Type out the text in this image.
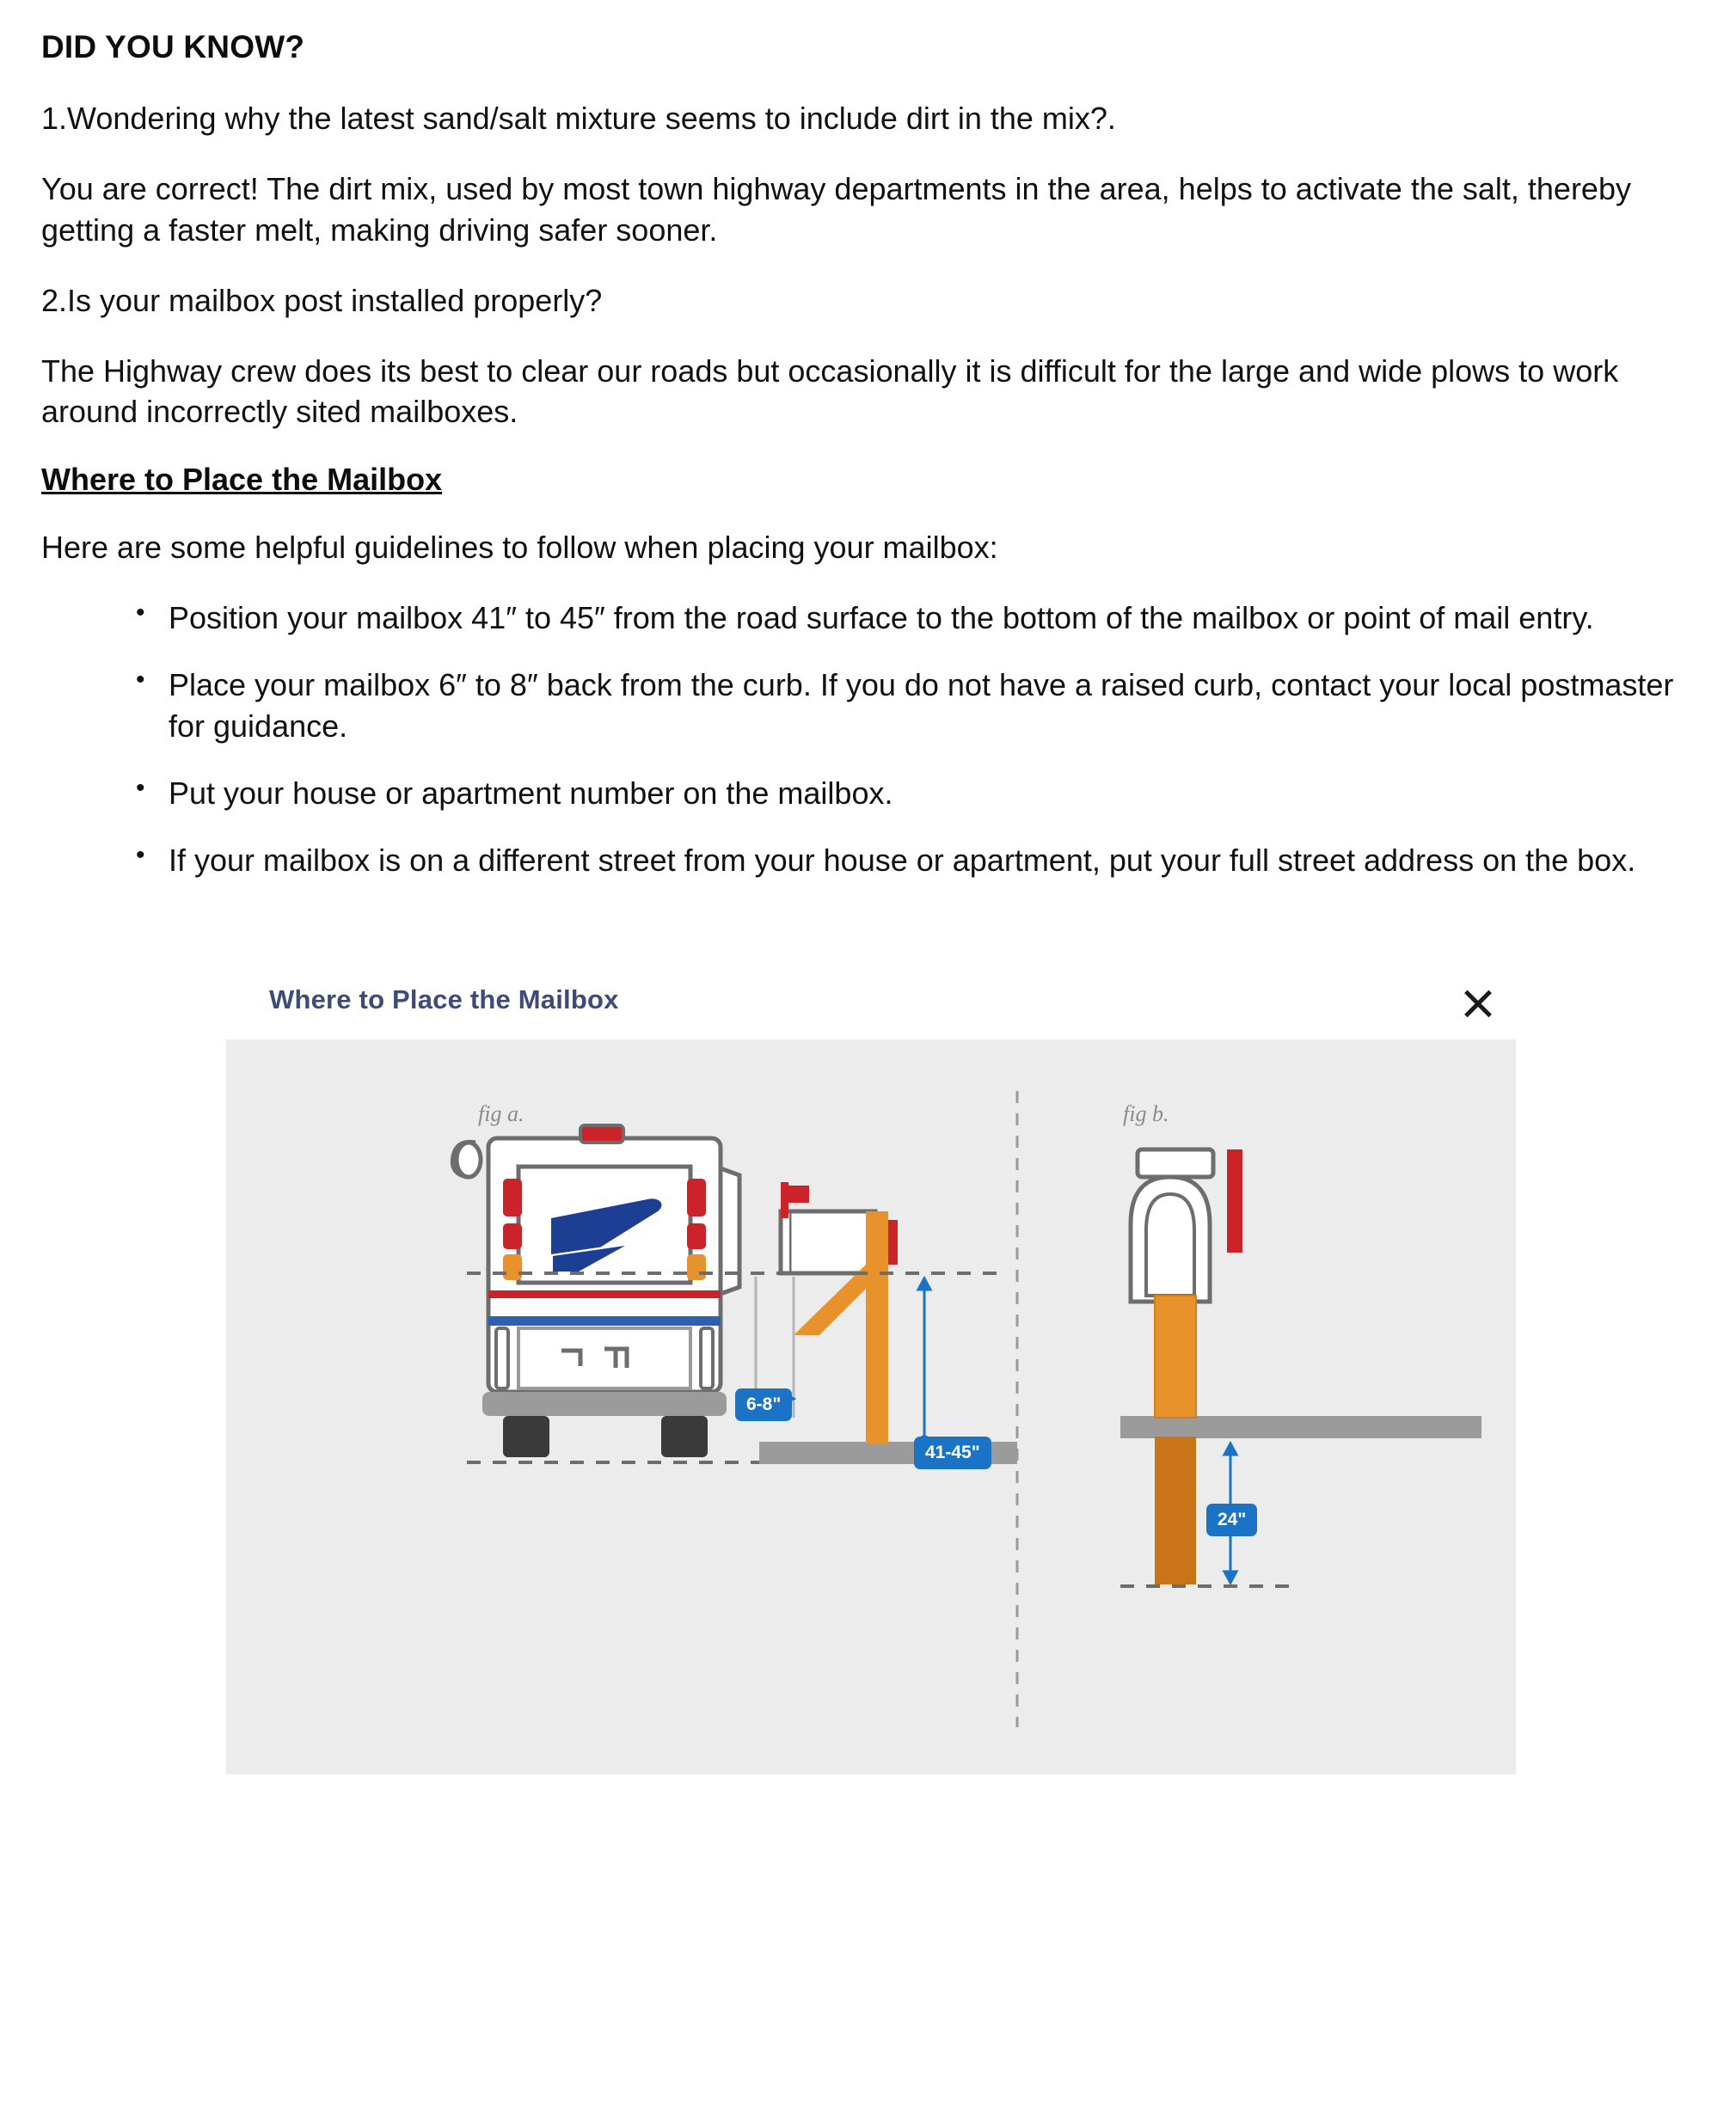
DID YOU KNOW?

1.Wondering why the latest sand/salt mixture seems to include dirt in the mix?.

You are correct! The dirt mix, used by most town highway departments in the area, helps to activate the salt, thereby getting a faster melt, making driving safer sooner.

2.Is your mailbox post installed properly?

The Highway crew does its best to clear our roads but occasionally it is difficult for the large and wide plows to work around incorrectly sited mailboxes.

Where to Place the Mailbox

Here are some helpful guidelines to follow when placing your mailbox:

• Position your mailbox 41″ to 45″ from the road surface to the bottom of the mailbox or point of mail entry.
• Place your mailbox 6″ to 8″ back from the curb. If you do not have a raised curb, contact your local postmaster for guidance.
• Put your house or apartment number on the mailbox.
• If your mailbox is on a different street from your house or apartment, put your full street address on the box.
Where to Place the Mailbox
fig a.	fig b.
6-8"
41-45"
24"
